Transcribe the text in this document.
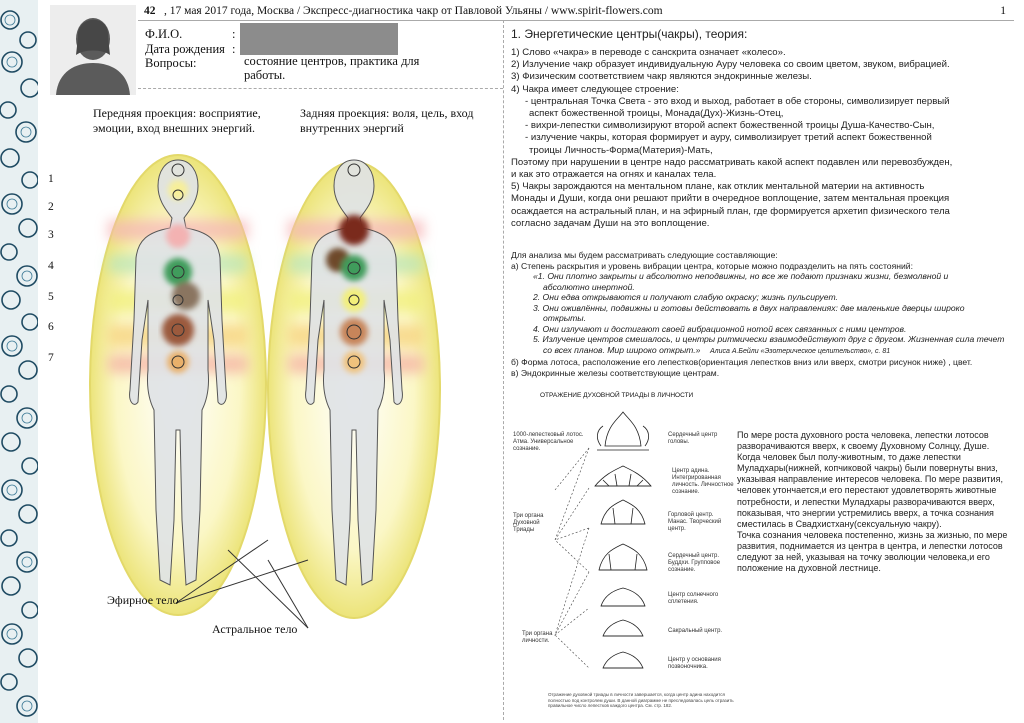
42 , 17 мая 2017 года, Москва / Экспресс-диагностика чакр от Павловой Ульяны / www.spirit-flowers.com	1
Ф.И.О.	:
Дата рождения :
Вопросы:	состояние центров, практика для работы.
Передняя проекция: восприятие, эмоции, вход внешних энергий.
Задняя проекция: воля, цель, вход внутренних энергий
1
2
3
4
5
6
7
Эфирное тело
Астральное тело
1. Энергетические центры(чакры), теория:

1) Слово «чакра» в переводе с санскрита означает «колесо».

2) Излучение чакр образует индивидуальную Ауру человека со своим цветом, звуком, вибрацией.

3) Физическим соответствием чакр являются эндокринные железы.

4) Чакра имеет следующее строение:

- центральная Точка Света - это вход и выход, работает в обе стороны, символизирует первый

аспект божественной троицы, Монада(Дух)-Жизнь-Отец,

- вихри-лепестки символизируют второй аспект божественной троицы Душа-Качество-Сын,

- излучение чакры, которая формирует и ауру, символизирует третий аспект божественной

троицы Личность-Форма(Материя)-Мать,

Поэтому при нарушении в центре надо рассматривать какой аспект подавлен или перевозбужден,

и как это отражается на огнях и каналах тела.

5) Чакры зарождаются на ментальном плане, как отклик ментальной материи на активность

Монады и Души, когда они решают прийти в очередное воплощение, затем ментальная проекция

осаждается на астральный план, и на эфирный план, где формируется архетип физического тела

согласно задачам Души на это воплощение.

Для анализа мы будем рассматривать следующие составляющие:

а) Степень раскрытия и уровень вибрации центра, которые можно подразделить на пять состояний:

«1. Они плотно закрыты и абсолютно неподвижны, но все же подают признаки жизни, безмолвной и

абсолютно инертной.

2. Они едва открываются и получают слабую окраску; жизнь пульсирует.

3. Они оживлённы, подвижны и готовы действовать в двух направлениях: две маленькие дверцы широко

открыты.

4. Они излучают и достигают своей вибрационной нотой всех связанных с ними центров.

5. Излучение центров смешалось, и центры ритмически взаимодействуют друг с другом. Жизненная сила течет

со всех планов. Мир широко открыт.» Алиса А.Бейли «Эзотерическое целительство», с. 81

б) Форма лотоса, расположение его лепестков(ориентация лепестков вниз или вверх, смотри рисунок ниже) , цвет.

в) Эндокринные железы соответствующие центрам.

ОТРАЖЕНИЕ ДУХОВНОЙ ТРИАДЫ В ЛИЧНОСТИ
1000-лепестковый лотос. Атма. Универсальное сознание.
Три органа Духовной Триады
Три органа личности.
Сердечный центр головы.
Центр адина. Интегрированная личность. Личностное сознание.
Горловой центр. Манас. Творческий центр.
Сердечный центр. Буддхи. Групповое сознание.
Центр солнечного сплетения.
Сакральный центр.
Центр у основания позвоночника.
Отражение духовной триады в личности завершается, когда центр адина находится полностью под контролем души. В данной диаграмме не преследовалась цель отразить правильное число лепестков каждого центра. См. стр. 182.
По мере роста духовного роста человека, лепестки лотосов
разворачиваются вверх, к своему Духовному Солнцу, Душе.
Когда человек был полу-животным, то даже лепестки
Муладхары(нижней, копчиковой чакры) были повернуты вниз,
указывая направление интересов человека. По мере развития,
человек утончается,и его перестают удовлетворять животные
потребности, и лепестки Муладхары разворачиваются вверх,
показывая, что энергии устремились вверх, а точка сознания
сместилась в Свадхистхану(сексуальную чакру).
Точка сознания человека постепенно, жизнь за жизнью, по мере
развития, поднимается из центра в центра, и лепестки лотосов
следуют за ней, указывая на точку эволюции человека,и его
положение на духовной лестнице.
